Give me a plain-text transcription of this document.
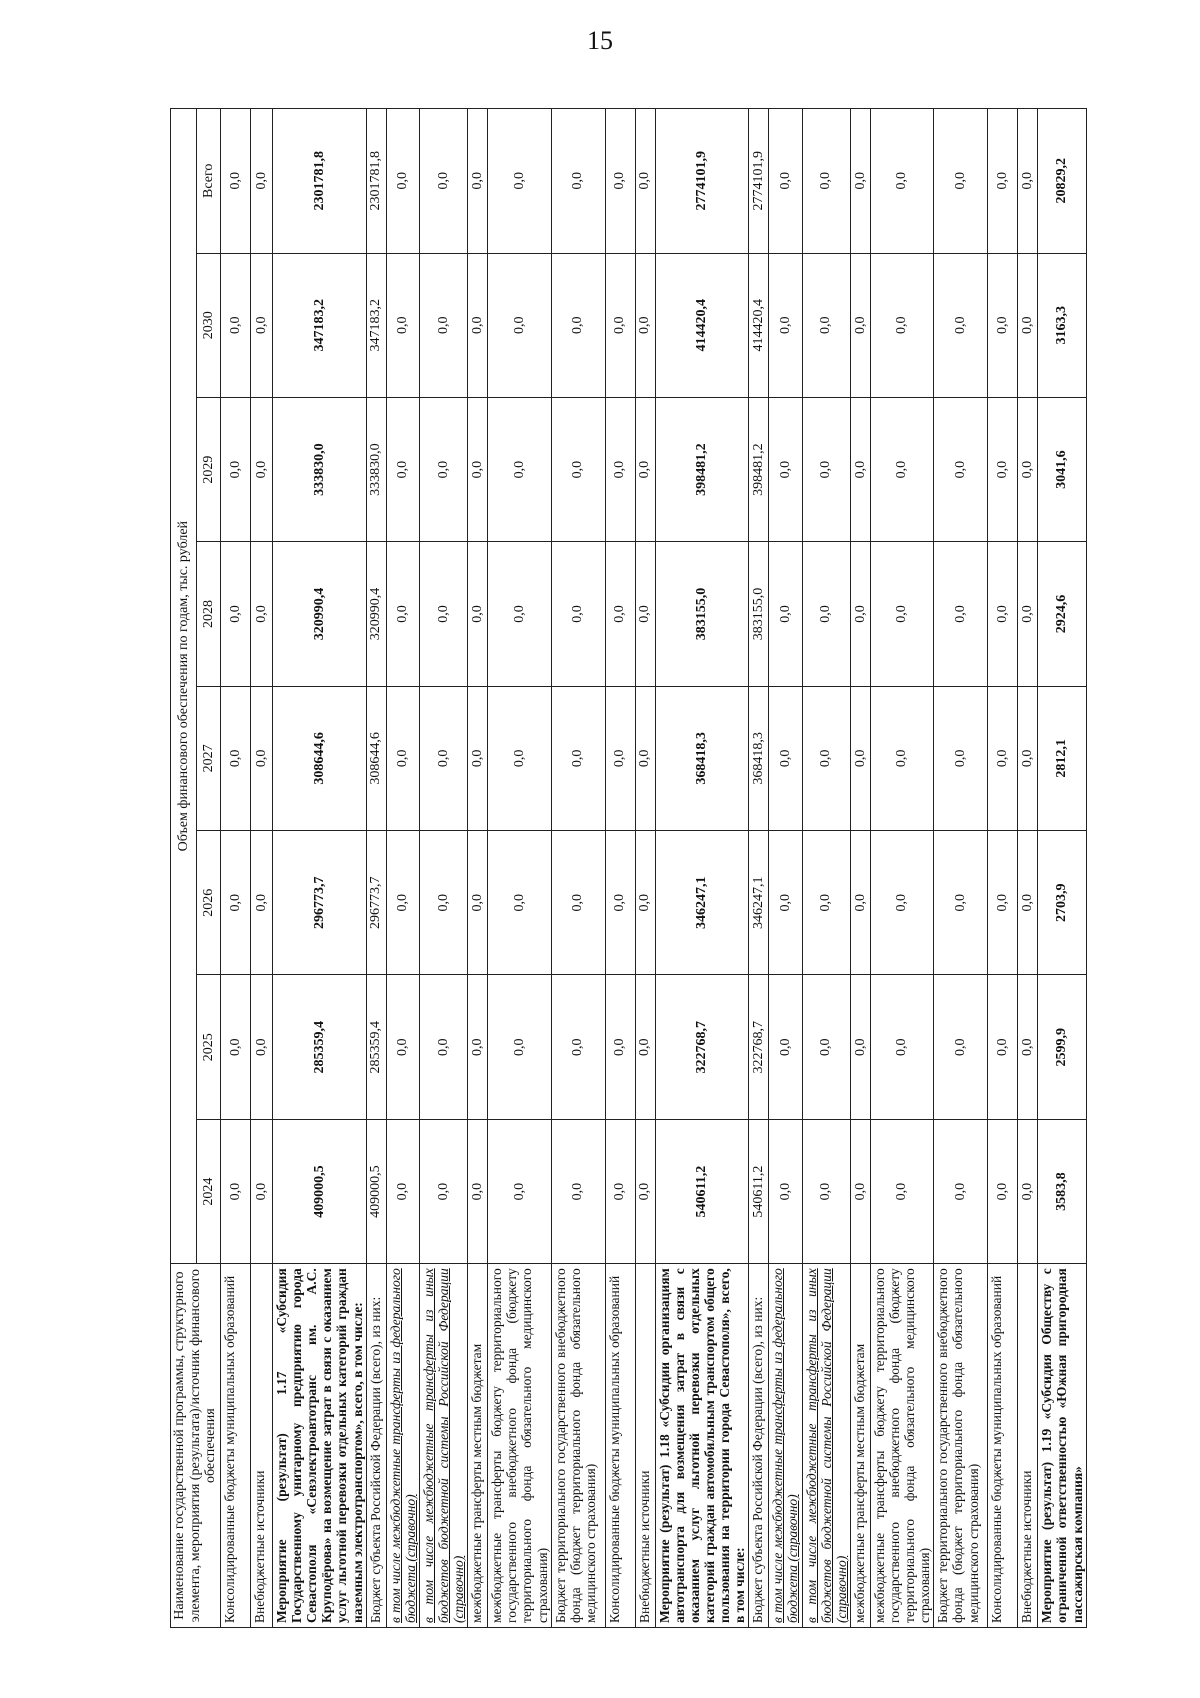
15
Наименование государственной программы, структурного элемента, мероприятия (результата)/источник финансового обеспечения	Объем финансового обеспечения по годам, тыс. рублей							
	2024	2025	2026	2027	2028	2029	2030	Всего
Консолидированные бюджеты муниципальных образований	0,0	0,0	0,0	0,0	0,0	0,0	0,0	0,0
Внебюджетные источники	0,0	0,0	0,0	0,0	0,0	0,0	0,0	0,0
Мероприятие (результат) 1.17 «Субсидия Государственному унитарному предприятию города Севастополя «Севэлектроавтотранс им. А.С. Круподёрова» на возмещение затрат в связи с оказанием услуг льготной перевозки отдельных категорий граждан наземным электротранспортом», всего, в том числе:	409000,5	285359,4	296773,7	308644,6	320990,4	333830,0	347183,2	2301781,8
Бюджет субъекта Российской Федерации (всего), из них:	409000,5	285359,4	296773,7	308644,6	320990,4	333830,0	347183,2	2301781,8
в том числе межбюджетные трансферты из федерального бюджета (справочно)	0,0	0,0	0,0	0,0	0,0	0,0	0,0	0,0
в том числе межбюджетные трансферты из иных бюджетов бюджетной системы Российской Федерации (справочно)	0,0	0,0	0,0	0,0	0,0	0,0	0,0	0,0
межбюджетные трансферты местным бюджетам	0,0	0,0	0,0	0,0	0,0	0,0	0,0	0,0
межбюджетные трансферты бюджету территориального государственного внебюджетного фонда (бюджету территориального фонда обязательного медицинского страхования)	0,0	0,0	0,0	0,0	0,0	0,0	0,0	0,0
Бюджет территориального государственного внебюджетного фонда (бюджет территориального фонда обязательного медицинского страхования)	0,0	0,0	0,0	0,0	0,0	0,0	0,0	0,0
Консолидированные бюджеты муниципальных образований	0,0	0,0	0,0	0,0	0,0	0,0	0,0	0,0
Внебюджетные источники	0,0	0,0	0,0	0,0	0,0	0,0	0,0	0,0
Мероприятие (результат) 1.18 «Субсидии организациям автотранспорта для возмещения затрат в связи с оказанием услуг льготной перевозки отдельных категорий граждан автомобильным транспортом общего пользования на территории города Севастополя», всего, в том числе:	540611,2	322768,7	346247,1	368418,3	383155,0	398481,2	414420,4	2774101,9
Бюджет субъекта Российской Федерации (всего), из них:	540611,2	322768,7	346247,1	368418,3	383155,0	398481,2	414420,4	2774101,9
в том числе межбюджетные трансферты из федерального бюджета (справочно)	0,0	0,0	0,0	0,0	0,0	0,0	0,0	0,0
в том числе межбюджетные трансферты из иных бюджетов бюджетной системы Российской Федерации (справочно)	0,0	0,0	0,0	0,0	0,0	0,0	0,0	0,0
межбюджетные трансферты местным бюджетам	0,0	0,0	0,0	0,0	0,0	0,0	0,0	0,0
межбюджетные трансферты бюджету территориального государственного внебюджетного фонда (бюджету территориального фонда обязательного медицинского страхования)	0,0	0,0	0,0	0,0	0,0	0,0	0,0	0,0
Бюджет территориального государственного внебюджетного фонда (бюджет территориального фонда обязательного медицинского страхования)	0,0	0,0	0,0	0,0	0,0	0,0	0,0	0,0
Консолидированные бюджеты муниципальных образований	0,0	0,0	0,0	0,0	0,0	0,0	0,0	0,0
Внебюджетные источники	0,0	0,0	0,0	0,0	0,0	0,0	0,0	0,0
Мероприятие (результат) 1.19 «Субсидия Обществу с ограниченной ответственностью «Южная пригородная пассажирская компания»	3583,8	2599,9	2703,9	2812,1	2924,6	3041,6	3163,3	20829,2
